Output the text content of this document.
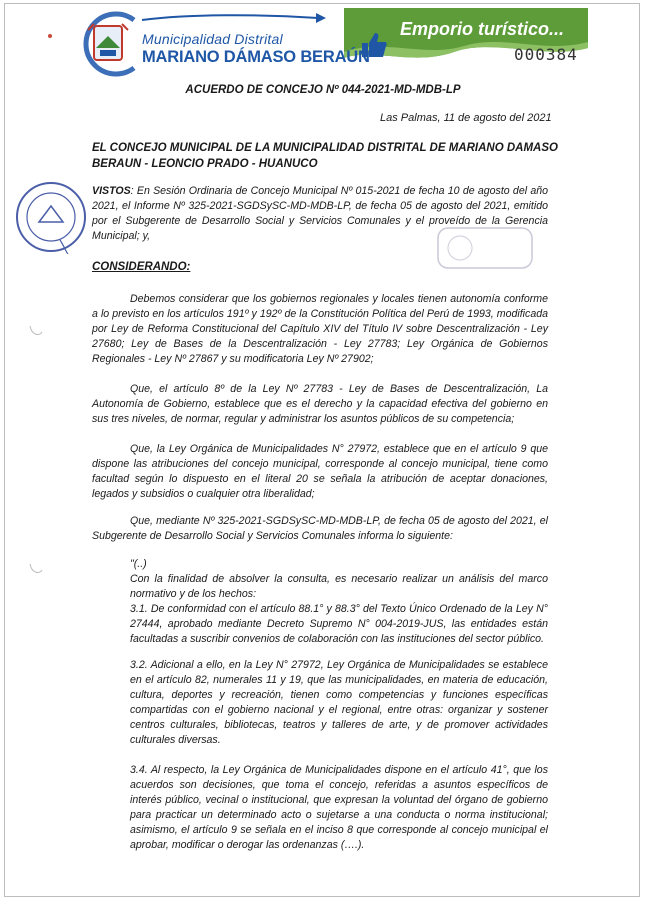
Municipalidad Distrital
MARIANO DÁMASO BERAÚN
Emporio turístico...
000384
ACUERDO DE CONCEJO Nº 044-2021-MD-MDB-LP
Las Palmas, 11 de agosto del 2021
EL CONCEJO MUNICIPAL DE LA MUNICIPALIDAD DISTRITAL DE MARIANO DAMASO BERAUN - LEONCIO PRADO - HUANUCO
VISTOS: En Sesión Ordinaria de Concejo Municipal Nº 015-2021 de fecha 10 de agosto del año 2021, el Informe Nº 325-2021-SGDSySC-MD-MDB-LP, de fecha 05 de agosto del 2021, emitido por el Subgerente de Desarrollo Social y Servicios Comunales y el proveído de la Gerencia Municipal; y,
CONSIDERANDO:
Debemos considerar que los gobiernos regionales y locales tienen autonomía conforme a lo previsto en los artículos 191º y 192º de la Constitución Política del Perú de 1993, modificada por Ley de Reforma Constitucional del Capítulo XIV del Título IV sobre Descentralización - Ley 27680; Ley de Bases de la Descentralización - Ley 27783; Ley Orgánica de Gobiernos Regionales - Ley Nº 27867 y su modificatoria Ley Nº 27902;
Que, el artículo 8º de la Ley Nº 27783 - Ley de Bases de Descentralización, La Autonomía de Gobierno, establece que es el derecho y la capacidad efectiva del gobierno en sus tres niveles, de normar, regular y administrar los asuntos públicos de su competencia;
Que, la Ley Orgánica de Municipalidades N° 27972, establece que en el artículo 9 que dispone las atribuciones del concejo municipal, corresponde al concejo municipal, tiene como facultad según lo dispuesto en el literal 20 se señala la atribución de aceptar donaciones, legados y subsidios o cualquier otra liberalidad;
Que, mediante Nº 325-2021-SGDSySC-MD-MDB-LP, de fecha 05 de agosto del 2021, el Subgerente de Desarrollo Social y Servicios Comunales informa lo siguiente:
"(..)
Con la finalidad de absolver la consulta, es necesario realizar un análisis del marco normativo y de los hechos:
3.1. De conformidad con el artículo 88.1° y 88.3° del Texto Único Ordenado de la Ley N° 27444, aprobado mediante Decreto Supremo N° 004-2019-JUS, las entidades están facultadas a suscribir convenios de colaboración con las instituciones del sector público.
3.2. Adicional a ello, en la Ley N° 27972, Ley Orgánica de Municipalidades se establece en el artículo 82, numerales 11 y 19, que las municipalidades, en materia de educación, cultura, deportes y recreación, tienen como competencias y funciones específicas compartidas con el gobierno nacional y el regional, entre otras: organizar y sostener centros culturales, bibliotecas, teatros y talleres de arte, y de promover actividades culturales diversas.
3.4. Al respecto, la Ley Orgánica de Municipalidades dispone en el artículo 41°, que los acuerdos son decisiones, que toma el concejo, referidas a asuntos específicos de interés público, vecinal o institucional, que expresan la voluntad del órgano de gobierno para practicar un determinado acto o sujetarse a una conducta o norma institucional; asimismo, el artículo 9 se señala en el inciso 8 que corresponde al concejo municipal el aprobar, modificar o derogar las ordenanzas (….).
